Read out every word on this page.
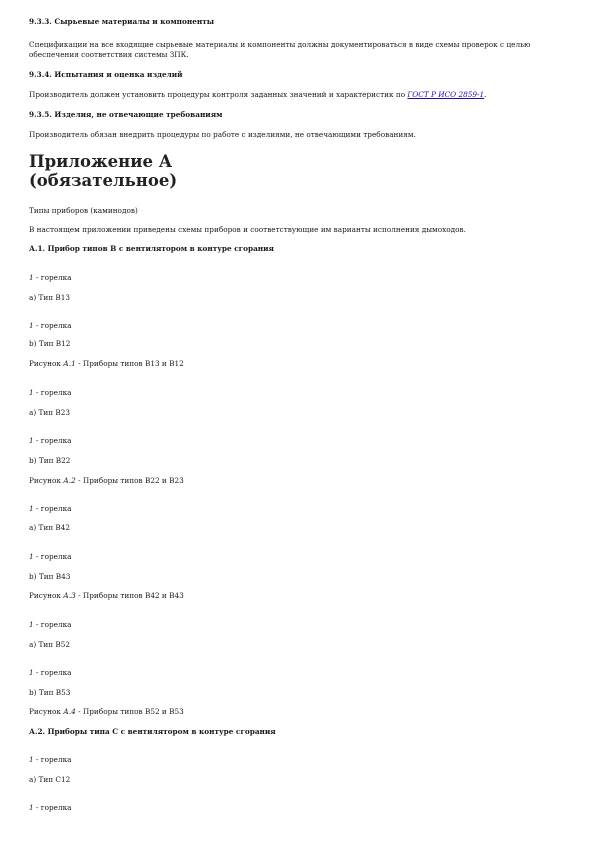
9.3.3. Сырьевые материалы и компоненты

Спецификации на все входящие сырьевые материалы и компоненты должны документироваться в виде схемы проверок с целью обеспечения соответствия системы ЗПК.

9.3.4. Испытания и оценка изделий

Производитель должен установить процедуры контроля заданных значений и характеристик по ГОСТ Р ИСО 2859-1.

9.3.5. Изделия, не отвечающие требованиям

Производитель обязан внедрить процедуры по работе с изделиями, не отвечающими требованиям.

Приложение А
(обязательное)

Типы приборов (каминодов)

В настоящем приложении приведены схемы приборов и соответствующие им варианты исполнения дымоходов.

А.1. Прибор типов В с вентилятором в контуре сгорания

1 - горелка

а) Тип В13

1 - горелка

b) Тип В12

Рисунок А.1 - Приборы типов В13 и В12

1 - горелка

а) Тип В23

1 - горелка

b) Тип В22

Рисунок А.2 - Приборы типов В22 и В23

1 - горелка

а) Тип В42

1 - горелка

b) Тип В43

Рисунок А.3 - Приборы типов В42 и В43

1 - горелка

а) Тип В52

1 - горелка

b) Тип В53

Рисунок А.4 - Приборы типов В52 и В53

А.2. Приборы типа С с вентилятором в контуре сгорания

1 - горелка

а) Тип С12

1 - горелка
